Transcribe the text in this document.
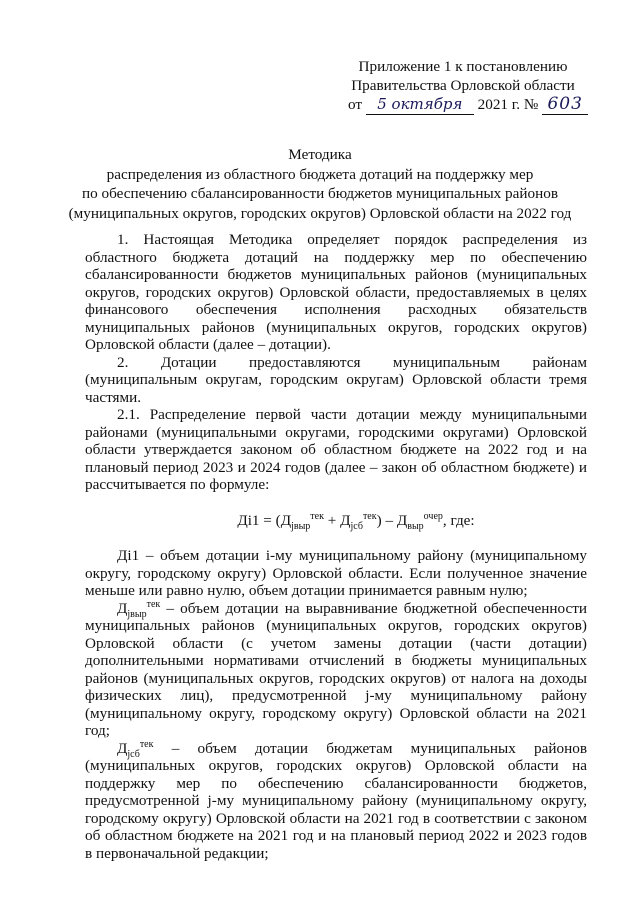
Приложение 1 к постановлению
Правительства Орловской области
от 5 октября 2021 г. № 603
Методика
распределения из областного бюджета дотаций на поддержку мер
по обеспечению сбалансированности бюджетов муниципальных районов
(муниципальных округов, городских округов) Орловской области на 2022 год

1. Настоящая Методика определяет порядок распределения из областного бюджета дотаций на поддержку мер по обеспечению сбалансированности бюджетов муниципальных районов (муниципальных округов, городских округов) Орловской области, предоставляемых в целях финансового обеспечения исполнения расходных обязательств муниципальных районов (муниципальных округов, городских округов) Орловской области (далее – дотации).

2. Дотации предоставляются муниципальным районам (муниципальным округам, городским округам) Орловской области тремя частями.

2.1. Распределение первой части дотации между муниципальными районами (муниципальными округами, городскими округами) Орловской области утверждается законом об областном бюджете на 2022 год и на плановый период 2023 и 2024 годов (далее – закон об областном бюджете) и рассчитывается по формуле:

$Дi1 = (Д_{jвыр}^{тек} + Д_{jсб}^{тек}) - Д_{выр}^{очер}$, где:

Дi1 – объем дотации i-му муниципальному району (муниципальному округу, городскому округу) Орловской области. Если полученное значение меньше или равно нулю, объем дотации принимается равным нулю;

$Д_{jвыр}^{тек}$ – объем дотации на выравнивание бюджетной обеспеченности муниципальных районов (муниципальных округов, городских округов) Орловской области (с учетом замены дотации (части дотации) дополнительными нормативами отчислений в бюджеты муниципальных районов (муниципальных округов, городских округов) от налога на доходы физических лиц), предусмотренной j-му муниципальному району (муниципальному округу, городскому округу) Орловской области на 2021 год;

$Д_{jсб}^{тек}$ – объем дотации бюджетам муниципальных районов (муниципальных округов, городских округов) Орловской области на поддержку мер по обеспечению сбалансированности бюджетов, предусмотренной j-му муниципальному району (муниципальному округу, городскому округу) Орловской области на 2021 год в соответствии с законом об областном бюджете на 2021 год и на плановый период 2022 и 2023 годов в первоначальной редакции;
